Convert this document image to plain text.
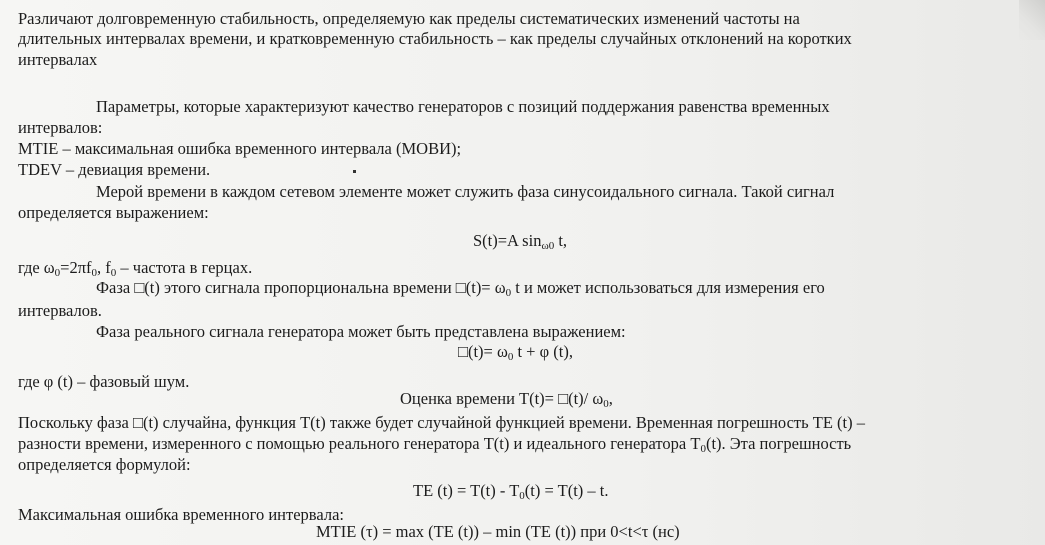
Различают долговременную стабильность, определяемую как пределы систематических изменений частоты на
длительных интервалах времени, и кратковременную стабильность – как пределы случайных отклонений на коротких
интервалах
Параметры, которые характеризуют качество генераторов с позиций поддержания равенства временных
интервалов:
MTIE – максимальная ошибка временного интервала (МОВИ);
TDEV – девиация времени.
Мерой времени в каждом сетевом элементе может служить фаза синусоидального сигнала. Такой сигнал
определяется выражением:
S(t)=A $\sin_{\omega 0} t$,
где $\omega_0=2\pi f_0$, $f_0$ – частота в герцах.
Фаза □(t) этого сигнала пропорциональна времени □(t)= $\omega_0$ t и может использоваться для измерения его
интервалов.
Фаза реального сигнала генератора может быть представлена выражением:
□(t)= $\omega_0$ t + φ (t),
где φ (t) – фазовый шум.
Оценка времени T(t)= □(t)/ $\omega_0$,
Поскольку фаза □(t) случайна, функция T(t) также будет случайной функцией времени. Временная погрешность TE (t) –
разности времени, измеренного с помощью реального генератора T(t) и идеального генератора $T_0(t)$. Эта погрешность
определяется формулой:
TE $(t) = T(t) - T_0(t) = T(t) - t$.
Максимальная ошибка временного интервала:
MTIE (τ) = max (TE (t)) – min (TE (t)) при 0<t<τ (нс)
